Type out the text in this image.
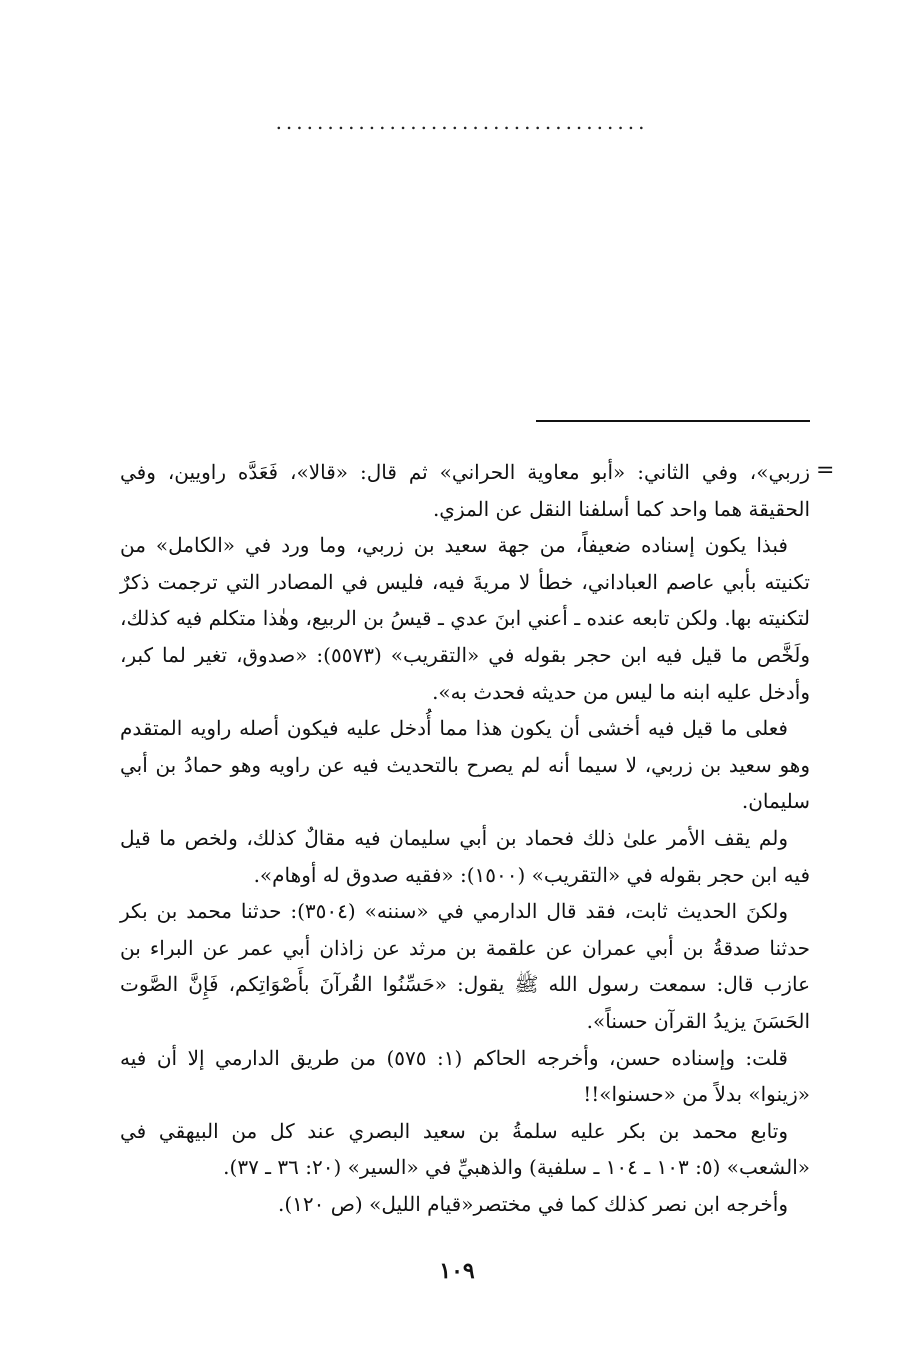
....................................
=

زربي»، وفي الثاني: «أبو معاوية الحراني» ثم قال: «قالا»، فَعَدَّه راويين، وفي الحقيقة هما واحد كما أسلفنا النقل عن المزي.

فبذا يكون إسناده ضعيفاً، من جهة سعيد بن زربي، وما ورد في «الكامل» من تكنيته بأبي عاصم العباداني، خطأ لا مريةَ فيه، فليس في المصادر التي ترجمت ذكرٌ لتكنيته بها. ولكن تابعه عنده ـ أعني ابنَ عدي ـ قيسُ بن الربيع، وهٰذا متكلم فيه كذلك، ولَخَّص ما قيل فيه ابن حجر بقوله في «التقريب» (٥٥٧٣): «صدوق، تغير لما كبر، وأدخل عليه ابنه ما ليس من حديثه فحدث به».

فعلى ما قيل فيه أخشى أن يكون هذا مما أُدخل عليه فيكون أصله راويه المتقدم وهو سعيد بن زربي، لا سيما أنه لم يصرح بالتحديث فيه عن راويه وهو حمادُ بن أبي سليمان.

ولم يقف الأمر علىٰ ذلك فحماد بن أبي سليمان فيه مقالٌ كذلك، ولخص ما قيل فيه ابن حجر بقوله في «التقريب» (١٥٠٠): «فقيه صدوق له أوهام».

ولكنَ الحديث ثابت، فقد قال الدارمي في «سننه» (٣٥٠٤): حدثنا محمد بن بكر حدثنا صدقةُ بن أبي عمران عن علقمة بن مرثد عن زاذان أبي عمر عن البراء بن عازب قال: سمعت رسول الله ﷺ يقول: «حَسِّنُوا القُرآنَ بأَصْوَاتِكم، فَإِنَّ الصَّوت الحَسَنَ يزيدُ القرآن حسناً».

قلت: وإسناده حسن، وأخرجه الحاكم (١: ٥٧٥) من طريق الدارمي إلا أن فيه «زينوا» بدلاً من «حسنوا»!!

وتابع محمد بن بكر عليه سلمةُ بن سعيد البصري عند كل من البيهقي في «الشعب» (٥: ١٠٣ ـ ١٠٤ ـ سلفية) والذهبيِّ في «السير» (٢٠: ٣٦ ـ ٣٧).

وأخرجه ابن نصر كذلك كما في مختصر«قيام الليل» (ص ١٢٠).

١٠٩
